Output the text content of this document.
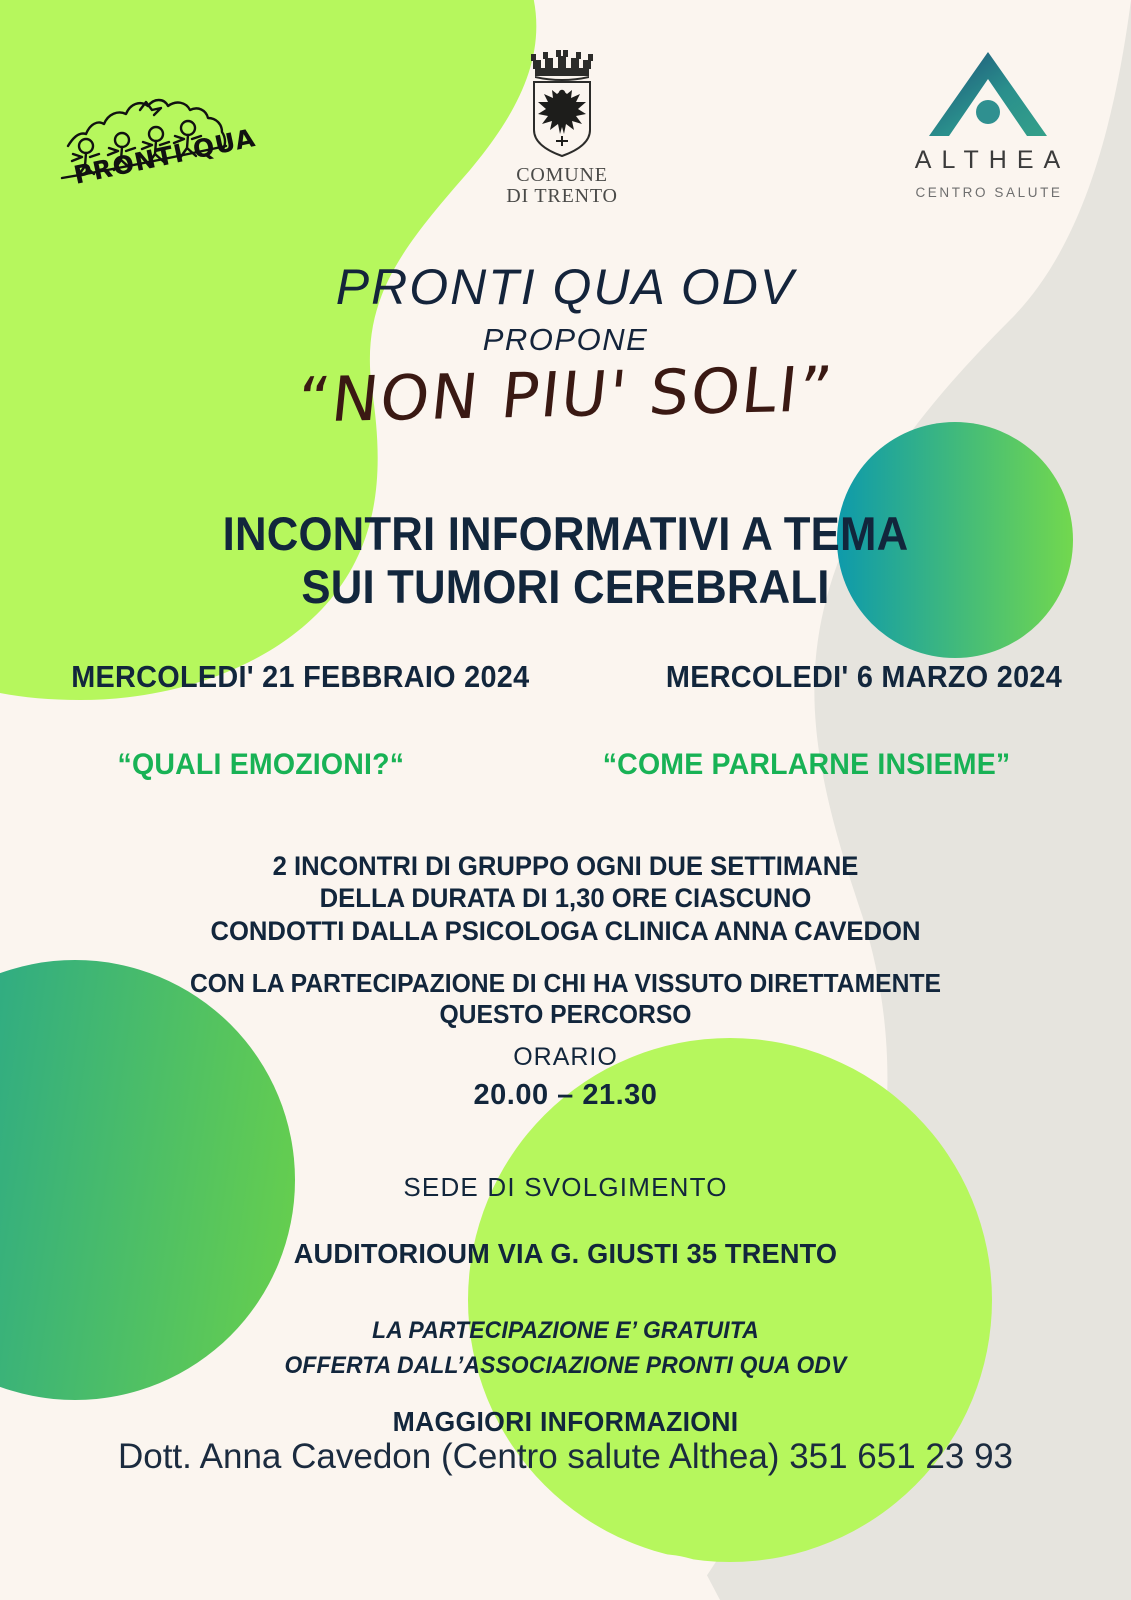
PRONTI QUA	COMUNE
DI TRENTO
ALTHEA
CENTRO SALUTE
PRONTI QUA ODV
PROPONE
“NON PIU' SOLI”
INCONTRI INFORMATIVI A TEMA
SUI TUMORI CEREBRALI
MERCOLEDI' 21 FEBBRAIO 2024	MERCOLEDI' 6 MARZO 2024
“QUALI EMOZIONI?“	“COME PARLARNE INSIEME”
2 INCONTRI DI GRUPPO OGNI DUE SETTIMANE
DELLA DURATA DI 1,30 ORE CIASCUNO
CONDOTTI DALLA PSICOLOGA CLINICA ANNA CAVEDON
CON LA PARTECIPAZIONE DI CHI HA VISSUTO DIRETTAMENTE
QUESTO PERCORSO
ORARIO
20.00 – 21.30
SEDE DI SVOLGIMENTO
AUDITORIOUM VIA G. GIUSTI 35 TRENTO
LA PARTECIPAZIONE E’ GRATUITA
OFFERTA DALL’ASSOCIAZIONE PRONTI QUA ODV
MAGGIORI INFORMAZIONI
Dott. Anna Cavedon (Centro salute Althea) 351 651 23 93
